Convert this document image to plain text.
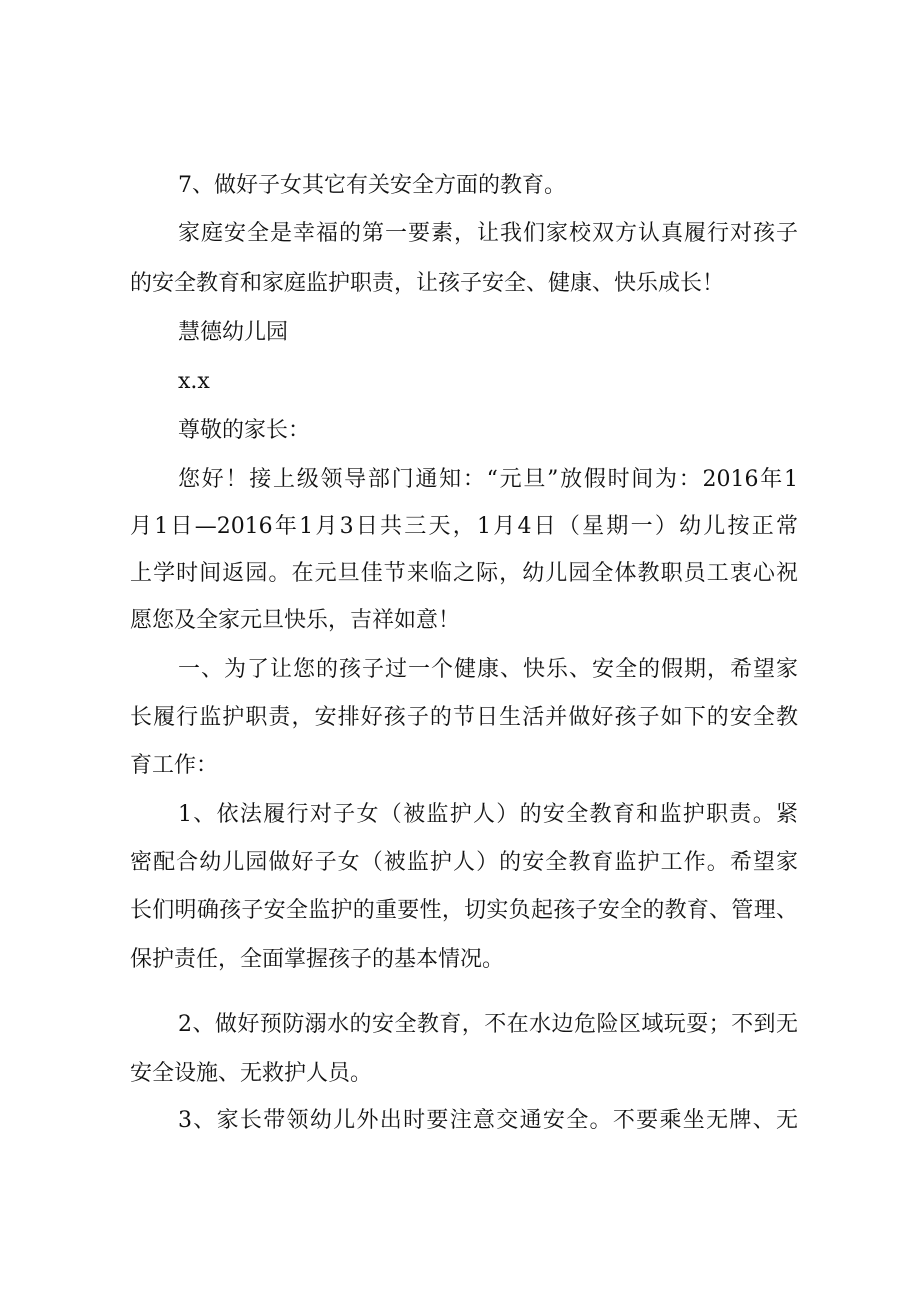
7、做好子女其它有关安全方面的教育。
家庭安全是幸福的第一要素，让我们家校双方认真履行对孩子
的安全教育和家庭监护职责，让孩子安全、健康、快乐成长！
慧德幼儿园
x.x
尊敬的家长：
您好！接上级领导部门通知：“元旦”放假时间为：2016年1
月1日—2016年1月3日共三天，1月4日（星期一）幼儿按正常
上学时间返园。在元旦佳节来临之际，幼儿园全体教职员工衷心祝
愿您及全家元旦快乐，吉祥如意！
一、为了让您的孩子过一个健康、快乐、安全的假期，希望家
长履行监护职责，安排好孩子的节日生活并做好孩子如下的安全教
育工作：
1、依法履行对子女（被监护人）的安全教育和监护职责。紧
密配合幼儿园做好子女（被监护人）的安全教育监护工作。希望家
长们明确孩子安全监护的重要性，切实负起孩子安全的教育、管理、
保护责任，全面掌握孩子的基本情况。
2、做好预防溺水的安全教育，不在水边危险区域玩耍；不到无
安全设施、无救护人员。
3、家长带领幼儿外出时要注意交通安全。不要乘坐无牌、无
